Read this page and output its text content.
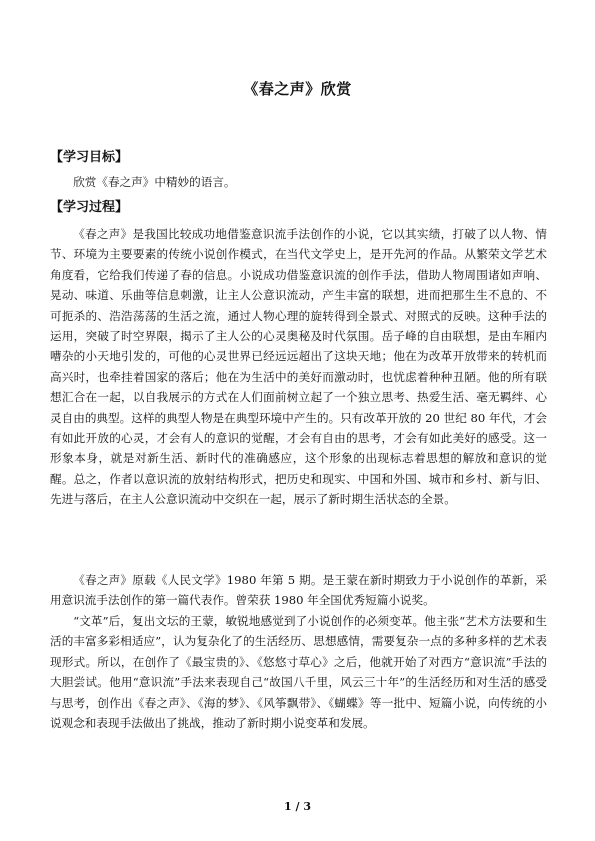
《春之声》欣赏
【学习目标】
欣赏《春之声》中精妙的语言。
【学习过程】
《春之声》是我国比较成功地借鉴意识流手法创作的小说，它以其实绩，打破了以人物、情节、环境为主要要素的传统小说创作模式，在当代文学史上，是开先河的作品。从繁荣文学艺术角度看，它给我们传递了春的信息。小说成功借鉴意识流的创作手法，借助人物周围诸如声响、晃动、味道、乐曲等信息刺激，让主人公意识流动，产生丰富的联想，进而把那生生不息的、不可扼杀的、浩浩荡荡的生活之流，通过人物心理的旋转得到全景式、对照式的反映。这种手法的运用，突破了时空界限，揭示了主人公的心灵奥秘及时代氛围。岳子峰的自由联想，是由车厢内嘈杂的小天地引发的，可他的心灵世界已经远远超出了这块天地；他在为改革开放带来的转机而高兴时，也牵挂着国家的落后；他在为生活中的美好而激动时，也忧虑着种种丑陋。他的所有联想汇合在一起，以自我展示的方式在人们面前树立起了一个独立思考、热爱生活、毫无羁绊、心灵自由的典型。这样的典型人物是在典型环境中产生的。只有改革开放的 20 世纪 80 年代，才会有如此开放的心灵，才会有人的意识的觉醒，才会有自由的思考，才会有如此美好的感受。这一形象本身，就是对新生活、新时代的准确感应，这个形象的出现标志着思想的解放和意识的觉醒。总之，作者以意识流的放射结构形式，把历史和现实、中国和外国、城市和乡村、新与旧、先进与落后，在主人公意识流动中交织在一起，展示了新时期生活状态的全景。
《春之声》原载《人民文学》1980 年第 5 期。是王蒙在新时期致力于小说创作的革新，采用意识流手法创作的第一篇代表作。曾荣获 1980 年全国优秀短篇小说奖。
“文革”后，复出文坛的王蒙，敏锐地感觉到了小说创作的必须变革。他主张“艺术方法要和生活的丰富多彩相适应”，认为复杂化了的生活经历、思想感情，需要复杂一点的多种多样的艺术表现形式。所以，在创作了《最宝贵的》、《悠悠寸草心》之后，他就开始了对西方“意识流”手法的大胆尝试。他用“意识流”手法来表现自己“故国八千里，风云三十年”的生活经历和对生活的感受与思考，创作出《春之声》、《海的梦》、《风筝飘带》、《蝴蝶》等一批中、短篇小说，向传统的小说观念和表现手法做出了挑战，推动了新时期小说变革和发展。
1 / 3
